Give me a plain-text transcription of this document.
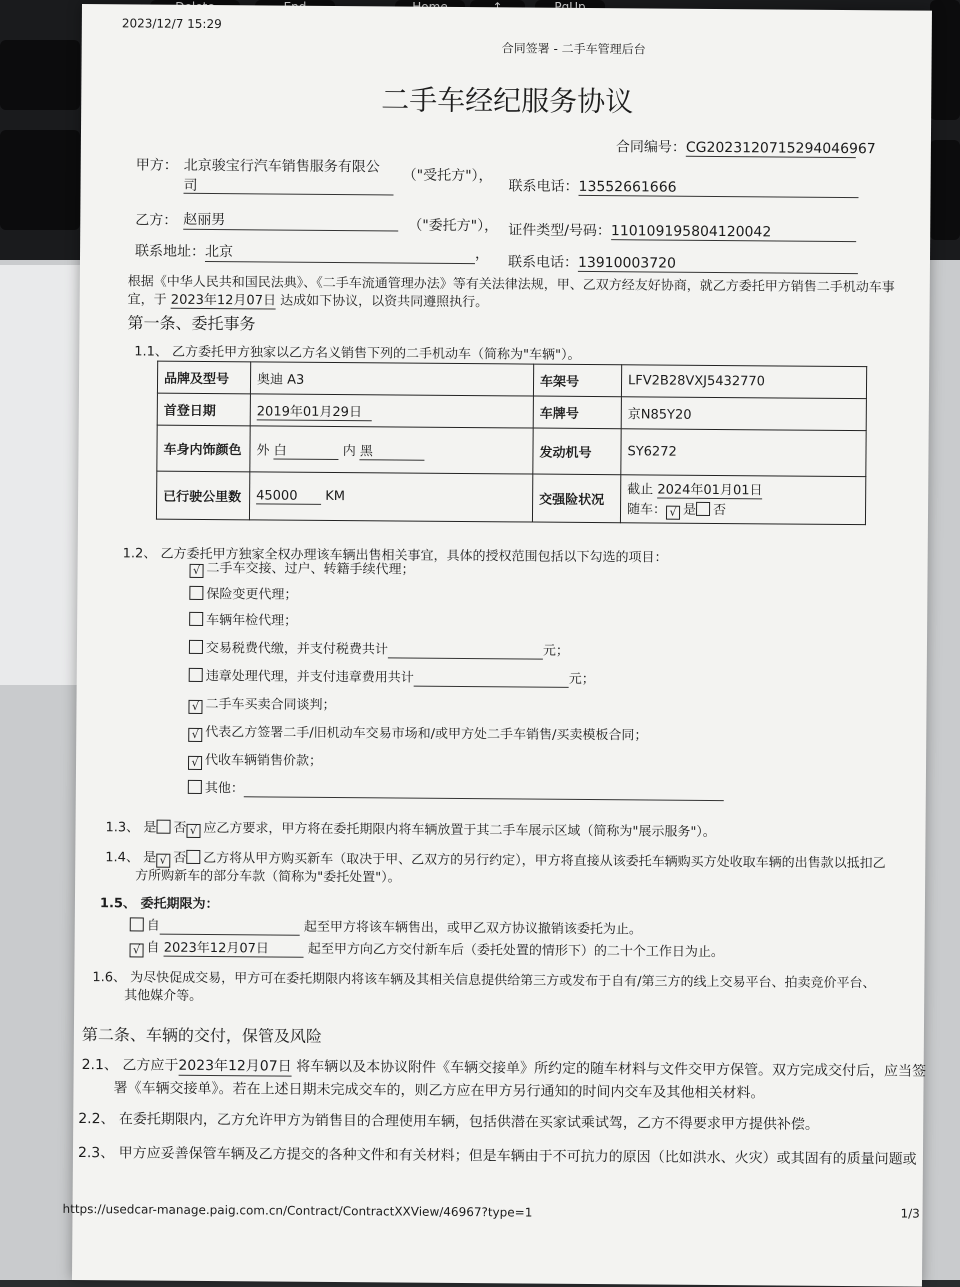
2023/12/7 15:29
合同签署 - 二手车管理后台
二手车经纪服务协议
合同编号：CG2023120715294046967
甲方： 北京骏宝行汽车销售服务有限公
司
（"受托方"），
联系电话：13552661666
乙方： 赵丽男	（"委托方"）， 证件类型/号码：110109195804120042
联系地址：北京	，
联系电话：13910003720
根据《中华人民共和国民法典》、《二手车流通管理办法》等有关法律法规，甲、乙双方经友好协商，就乙方委托甲方销售二手机动车事
宜，于 2023年12月07日 达成如下协议，以资共同遵照执行。
第一条、委托事务
1.1、 乙方委托甲方独家以乙方名义销售下列的二手机动车（简称为"车辆"）。
品牌及型号	奥迪 A3	车架号	LFV2B28VXJ5432770
首登日期	2019年01月29日	车牌号	京N85Y20
车身内饰颜色	外 白 内 黑	发动机号	SY6272
已行驶公里数	45000 KM	交强险状况	截止 2024年01月01日
随车： √ 是 否
1.2、 乙方委托甲方独家全权办理该车辆出售相关事宜，具体的授权范围包括以下勾选的项目：
√ 二手车交接、过户、转籍手续代理；
保险变更代理；
车辆年检代理；
交易税费代缴，并支付税费共计	元；
违章处理代理，并支付违章费用共计	元；
√ 二手车买卖合同谈判；
√ 代表乙方签署二手/旧机动车交易市场和/或甲方处二手车销售/买卖模板合同；
√ 代收车辆销售价款；
其他：
1.3、 是 否 √ 应乙方要求，甲方将在委托期限内将车辆放置于其二手车展示区域（简称为"展示服务"）。
1.4、 是 √ 否 乙方将从甲方购买新车（取决于甲、乙双方的另行约定），甲方将直接从该委托车辆购买方处收取车辆的出售款以抵扣乙
方所购新车的部分车款（简称为"委托处置"）。
1.5、 委托期限为：
自	起至甲方将该车辆售出，或甲乙双方协议撤销该委托为止。
√ 自 2023年12月07日	起至甲方向乙方交付新车后（委托处置的情形下）的二十个工作日为止。
1.6、 为尽快促成交易，甲方可在委托期限内将该车辆及其相关信息提供给第三方或发布于自有/第三方的线上交易平台、拍卖竞价平台、
其他媒介等。
第二条、车辆的交付，保管及风险
2.1、 乙方应于2023年12月07日 将车辆以及本协议附件《车辆交接单》所约定的随车材料与文件交甲方保管。双方完成交付后，应当签
署《车辆交接单》。若在上述日期未完成交车的，则乙方应在甲方另行通知的时间内交车及其他相关材料。
2.2、 在委托期限内，乙方允许甲方为销售目的合理使用车辆，包括供潜在买家试乘试驾，乙方不得要求甲方提供补偿。
2.3、 甲方应妥善保管车辆及乙方提交的各种文件和有关材料；但是车辆由于不可抗力的原因（比如洪水、火灾）或其固有的质量问题或
https://usedcar-manage.paig.com.cn/Contract/ContractXXView/46967?type=1	1/3
